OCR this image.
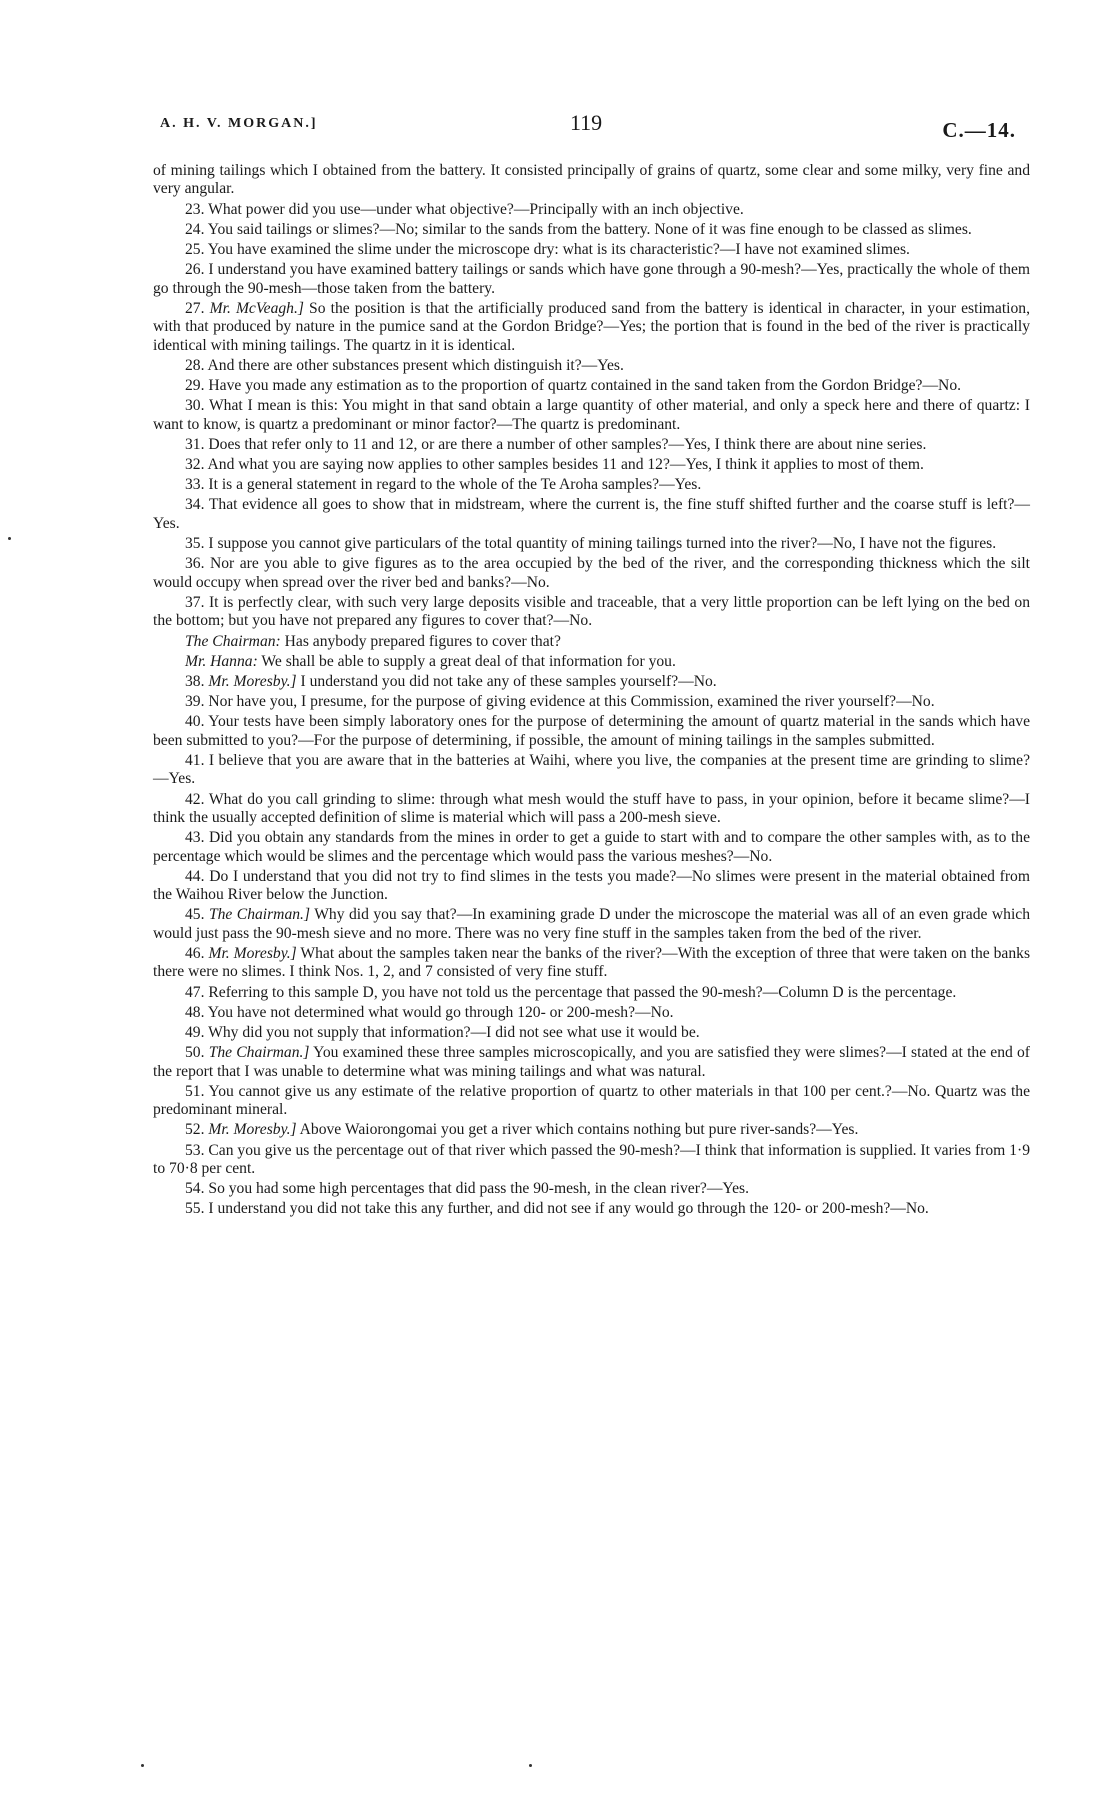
A. H. V. MORGAN.]	119	C.—14.

of mining tailings which I obtained from the battery. It consisted principally of grains of quartz, some clear and some milky, very fine and very angular.

23. What power did you use—under what objective?—Principally with an inch objective.

24. You said tailings or slimes?—No; similar to the sands from the battery. None of it was fine enough to be classed as slimes.

25. You have examined the slime under the microscope dry: what is its characteristic?—I have not examined slimes.

26. I understand you have examined battery tailings or sands which have gone through a 90-mesh?—Yes, practically the whole of them go through the 90-mesh—those taken from the battery.

27. Mr. McVeagh.] So the position is that the artificially produced sand from the battery is identical in character, in your estimation, with that produced by nature in the pumice sand at the Gordon Bridge?—Yes; the portion that is found in the bed of the river is practically identical with mining tailings. The quartz in it is identical.

28. And there are other substances present which distinguish it?—Yes.

29. Have you made any estimation as to the proportion of quartz contained in the sand taken from the Gordon Bridge?—No.

30. What I mean is this: You might in that sand obtain a large quantity of other material, and only a speck here and there of quartz: I want to know, is quartz a predominant or minor factor?—The quartz is predominant.

31. Does that refer only to 11 and 12, or are there a number of other samples?—Yes, I think there are about nine series.

32. And what you are saying now applies to other samples besides 11 and 12?—Yes, I think it applies to most of them.

33. It is a general statement in regard to the whole of the Te Aroha samples?—Yes.

34. That evidence all goes to show that in midstream, where the current is, the fine stuff shifted further and the coarse stuff is left?—Yes.

35. I suppose you cannot give particulars of the total quantity of mining tailings turned into the river?—No, I have not the figures.

36. Nor are you able to give figures as to the area occupied by the bed of the river, and the corresponding thickness which the silt would occupy when spread over the river bed and banks?—No.

37. It is perfectly clear, with such very large deposits visible and traceable, that a very little proportion can be left lying on the bed on the bottom; but you have not prepared any figures to cover that?—No.

The Chairman: Has anybody prepared figures to cover that?

Mr. Hanna: We shall be able to supply a great deal of that information for you.

38. Mr. Moresby.] I understand you did not take any of these samples yourself?—No.

39. Nor have you, I presume, for the purpose of giving evidence at this Commission, examined the river yourself?—No.

40. Your tests have been simply laboratory ones for the purpose of determining the amount of quartz material in the sands which have been submitted to you?—For the purpose of determining, if possible, the amount of mining tailings in the samples submitted.

41. I believe that you are aware that in the batteries at Waihi, where you live, the companies at the present time are grinding to slime?—Yes.

42. What do you call grinding to slime: through what mesh would the stuff have to pass, in your opinion, before it became slime?—I think the usually accepted definition of slime is material which will pass a 200-mesh sieve.

43. Did you obtain any standards from the mines in order to get a guide to start with and to compare the other samples with, as to the percentage which would be slimes and the percentage which would pass the various meshes?—No.

44. Do I understand that you did not try to find slimes in the tests you made?—No slimes were present in the material obtained from the Waihou River below the Junction.

45. The Chairman.] Why did you say that?—In examining grade D under the microscope the material was all of an even grade which would just pass the 90-mesh sieve and no more. There was no very fine stuff in the samples taken from the bed of the river.

46. Mr. Moresby.] What about the samples taken near the banks of the river?—With the exception of three that were taken on the banks there were no slimes. I think Nos. 1, 2, and 7 consisted of very fine stuff.

47. Referring to this sample D, you have not told us the percentage that passed the 90-mesh?—Column D is the percentage.

48. You have not determined what would go through 120- or 200-mesh?—No.

49. Why did you not supply that information?—I did not see what use it would be.

50. The Chairman.] You examined these three samples microscopically, and you are satisfied they were slimes?—I stated at the end of the report that I was unable to determine what was mining tailings and what was natural.

51. You cannot give us any estimate of the relative proportion of quartz to other materials in that 100 per cent.?—No. Quartz was the predominant mineral.

52. Mr. Moresby.] Above Waiorongomai you get a river which contains nothing but pure river-sands?—Yes.

53. Can you give us the percentage out of that river which passed the 90-mesh?—I think that information is supplied. It varies from 1·9 to 70·8 per cent.

54. So you had some high percentages that did pass the 90-mesh, in the clean river?—Yes.

55. I understand you did not take this any further, and did not see if any would go through the 120- or 200-mesh?—No.
